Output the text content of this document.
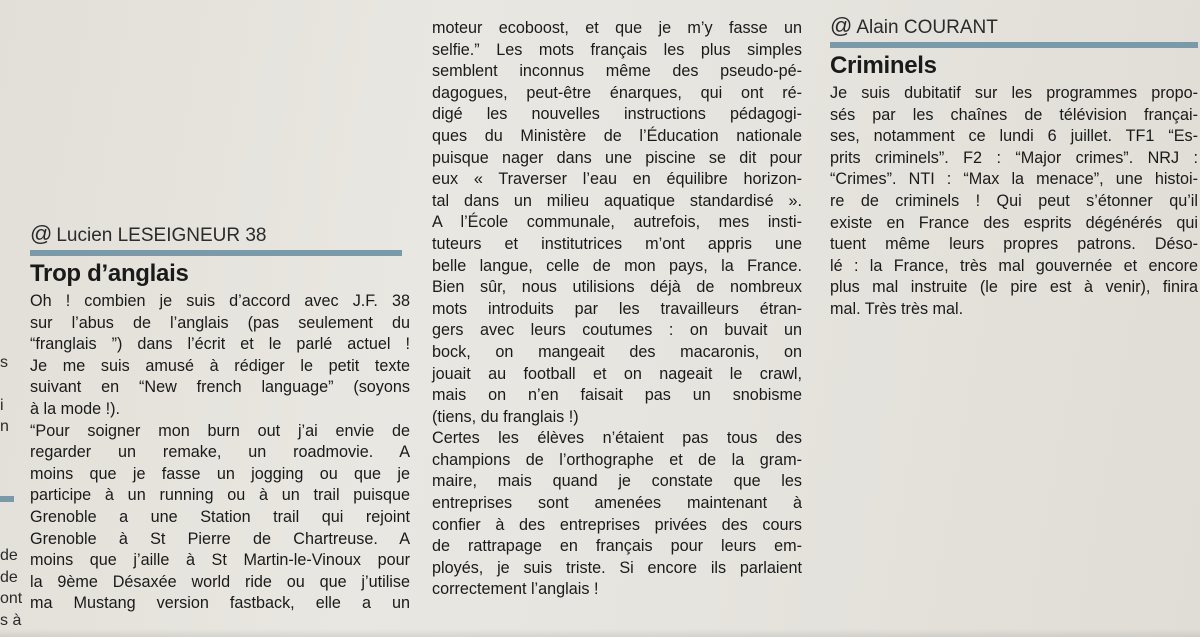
s
i
n
de
de
ont
s à
@ Lucien LESEIGNEUR 38
Trop d’anglais
Oh ! combien je suis d’accord avec J.F. 38
sur l’abus de l’anglais (pas seulement du
“franglais ”) dans l’écrit et le parlé actuel !
Je me suis amusé à rédiger le petit texte
suivant en “New french language” (soyons
à la mode !).
“Pour soigner mon burn out j’ai envie de
regarder un remake, un roadmovie. A
moins que je fasse un jogging ou que je
participe à un running ou à un trail puisque
Grenoble a une Station trail qui rejoint
Grenoble à St Pierre de Chartreuse. A
moins que j’aille à St Martin-le-Vinoux pour
la 9ème Désaxée world ride ou que j’utilise
ma Mustang version fastback, elle a un
moteur ecoboost, et que je m’y fasse un
selfie.” Les mots français les plus simples
semblent inconnus même des pseudo-pé-
dagogues, peut-être énarques, qui ont ré-
digé les nouvelles instructions pédagogi-
ques du Ministère de l’Éducation nationale
puisque nager dans une piscine se dit pour
eux « Traverser l’eau en équilibre horizon-
tal dans un milieu aquatique standardisé ».
A l’École communale, autrefois, mes insti-
tuteurs et institutrices m’ont appris une
belle langue, celle de mon pays, la France.
Bien sûr, nous utilisions déjà de nombreux
mots introduits par les travailleurs étran-
gers avec leurs coutumes : on buvait un
bock, on mangeait des macaronis, on
jouait au football et on nageait le crawl,
mais on n’en faisait pas un snobisme
(tiens, du franglais !)
Certes les élèves n’étaient pas tous des
champions de l’orthographe et de la gram-
maire, mais quand je constate que les
entreprises sont amenées maintenant à
confier à des entreprises privées des cours
de rattrapage en français pour leurs em-
ployés, je suis triste. Si encore ils parlaient
correctement l’anglais !
@ Alain COURANT
Criminels
Je suis dubitatif sur les programmes propo-
sés par les chaînes de télévision françai-
ses, notamment ce lundi 6 juillet. TF1 “Es-
prits criminels”. F2 : “Major crimes”. NRJ :
“Crimes”. NTI : “Max la menace”, une histoi-
re de criminels ! Qui peut s’étonner qu’il
existe en France des esprits dégénérés qui
tuent même leurs propres patrons. Déso-
lé : la France, très mal gouvernée et encore
plus mal instruite (le pire est à venir), finira
mal. Très très mal.
